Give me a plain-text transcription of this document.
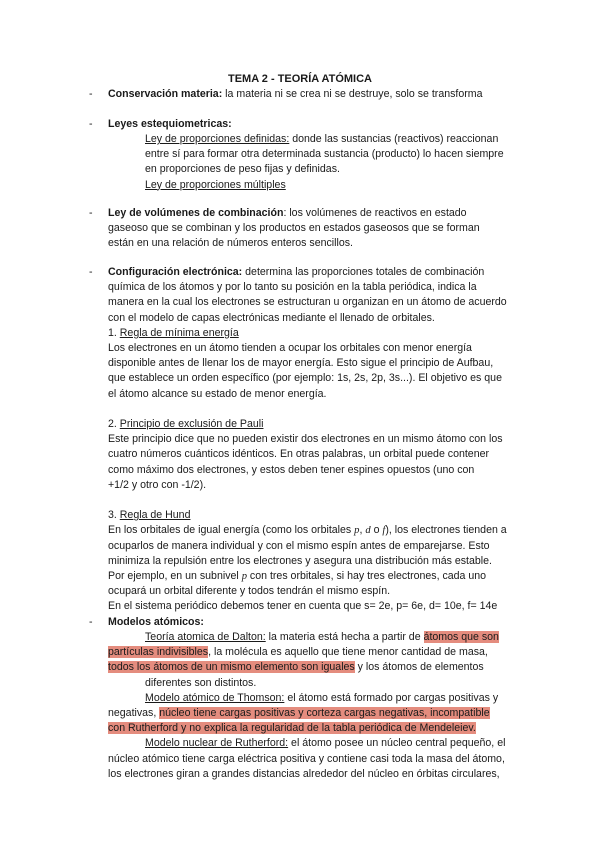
TEMA 2 - TEORÍA ATÓMICA
- Conservación materia: la materia ni se crea ni se destruye, solo se transforma
- Leyes estequiometricas:

Ley de proporciones definidas: donde las sustancias (reactivos) reaccionan

entre sí para formar otra determinada sustancia (producto) lo hacen siempre

en proporciones de peso fijas y definidas.

Ley de proporciones múltiples

- Ley de volúmenes de combinación: los volúmenes de reactivos en estado

gaseoso que se combinan y los productos en estados gaseosos que se forman

están en una relación de números enteros sencillos.

- Configuración electrónica: determina las proporciones totales de combinación

química de los átomos y por lo tanto su posición en la tabla periódica, indica la

manera en la cual los electrones se estructuran u organizan en un átomo de acuerdo

con el modelo de capas electrónicas mediante el llenado de orbitales.

1. Regla de mínima energía

Los electrones en un átomo tienden a ocupar los orbitales con menor energía

disponible antes de llenar los de mayor energía. Esto sigue el principio de Aufbau,

que establece un orden específico (por ejemplo: 1s, 2s, 2p, 3s...). El objetivo es que

el átomo alcance su estado de menor energía.

2. Principio de exclusión de Pauli

Este principio dice que no pueden existir dos electrones en un mismo átomo con los

cuatro números cuánticos idénticos. En otras palabras, un orbital puede contener

como máximo dos electrones, y estos deben tener espines opuestos (uno con

+1/2 y otro con -1/2).

3. Regla de Hund

En los orbitales de igual energía (como los orbitales p, d o f), los electrones tienden a

ocuparlos de manera individual y con el mismo espín antes de emparejarse. Esto

minimiza la repulsión entre los electrones y asegura una distribución más estable.

Por ejemplo, en un subnivel p con tres orbitales, si hay tres electrones, cada uno

ocupará un orbital diferente y todos tendrán el mismo espín.

En el sistema periódico debemos tener en cuenta que s= 2e, p= 6e, d= 10e, f= 14e

- Modelos atómicos:

Teoría atomica de Dalton: la materia está hecha a partir de átomos que son

partículas indivisibles, la molécula es aquello que tiene menor cantidad de masa,

todos los átomos de un mismo elemento son iguales y los átomos de elementos

diferentes son distintos.

Modelo atómico de Thomson: el átomo está formado por cargas positivas y

negativas, núcleo tiene cargas positivas y corteza cargas negativas, incompatible

con Rutherford y no explica la regularidad de la tabla periódica de Mendeleiev.

Modelo nuclear de Rutherford: el átomo posee un núcleo central pequeño, el

núcleo atómico tiene carga eléctrica positiva y contiene casi toda la masa del átomo,

los electrones giran a grandes distancias alrededor del núcleo en órbitas circulares,
